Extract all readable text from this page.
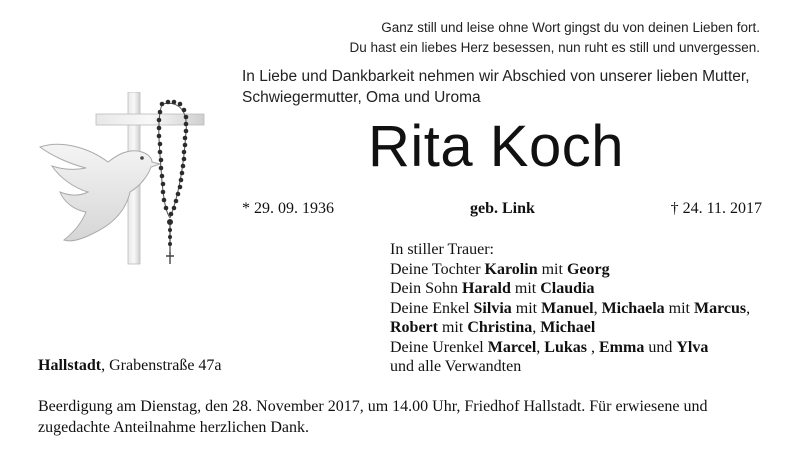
Ganz still und leise ohne Wort gingst du von deinen Lieben fort.
Du hast ein liebes Herz besessen, nun ruht es still und unvergessen.
In Liebe und Dankbarkeit nehmen wir Abschied von unserer lieben Mutter,
Schwiegermutter, Oma und Uroma
Rita Koch
* 29. 09. 1936	geb. Link	† 24. 11. 2017
In stiller Trauer:
Deine Tochter Karolin mit Georg
Dein Sohn Harald mit Claudia
Deine Enkel Silvia mit Manuel, Michaela mit Marcus,
Robert mit Christina, Michael
Deine Urenkel Marcel, Lukas , Emma und Ylva
und alle Verwandten
Hallstadt, Grabenstraße 47a
Beerdigung am Dienstag, den 28. November 2017, um 14.00 Uhr, Friedhof Hallstadt. Für erwiesene und zugedachte Anteilnahme herzlichen Dank.
